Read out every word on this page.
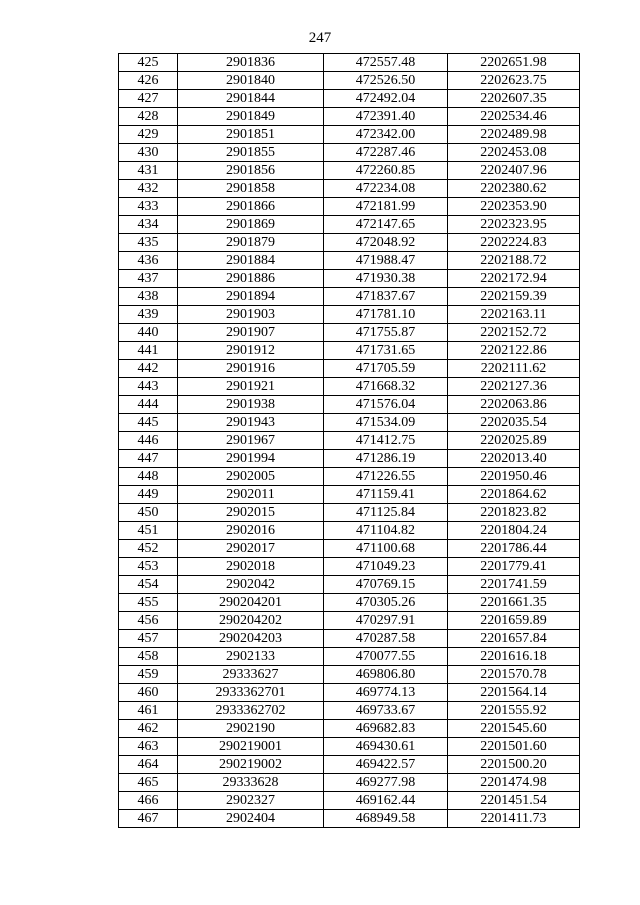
247
425	2901836	472557.48	2202651.98
426	2901840	472526.50	2202623.75
427	2901844	472492.04	2202607.35
428	2901849	472391.40	2202534.46
429	2901851	472342.00	2202489.98
430	2901855	472287.46	2202453.08
431	2901856	472260.85	2202407.96
432	2901858	472234.08	2202380.62
433	2901866	472181.99	2202353.90
434	2901869	472147.65	2202323.95
435	2901879	472048.92	2202224.83
436	2901884	471988.47	2202188.72
437	2901886	471930.38	2202172.94
438	2901894	471837.67	2202159.39
439	2901903	471781.10	2202163.11
440	2901907	471755.87	2202152.72
441	2901912	471731.65	2202122.86
442	2901916	471705.59	2202111.62
443	2901921	471668.32	2202127.36
444	2901938	471576.04	2202063.86
445	2901943	471534.09	2202035.54
446	2901967	471412.75	2202025.89
447	2901994	471286.19	2202013.40
448	2902005	471226.55	2201950.46
449	2902011	471159.41	2201864.62
450	2902015	471125.84	2201823.82
451	2902016	471104.82	2201804.24
452	2902017	471100.68	2201786.44
453	2902018	471049.23	2201779.41
454	2902042	470769.15	2201741.59
455	290204201	470305.26	2201661.35
456	290204202	470297.91	2201659.89
457	290204203	470287.58	2201657.84
458	2902133	470077.55	2201616.18
459	29333627	469806.80	2201570.78
460	2933362701	469774.13	2201564.14
461	2933362702	469733.67	2201555.92
462	2902190	469682.83	2201545.60
463	290219001	469430.61	2201501.60
464	290219002	469422.57	2201500.20
465	29333628	469277.98	2201474.98
466	2902327	469162.44	2201451.54
467	2902404	468949.58	2201411.73
